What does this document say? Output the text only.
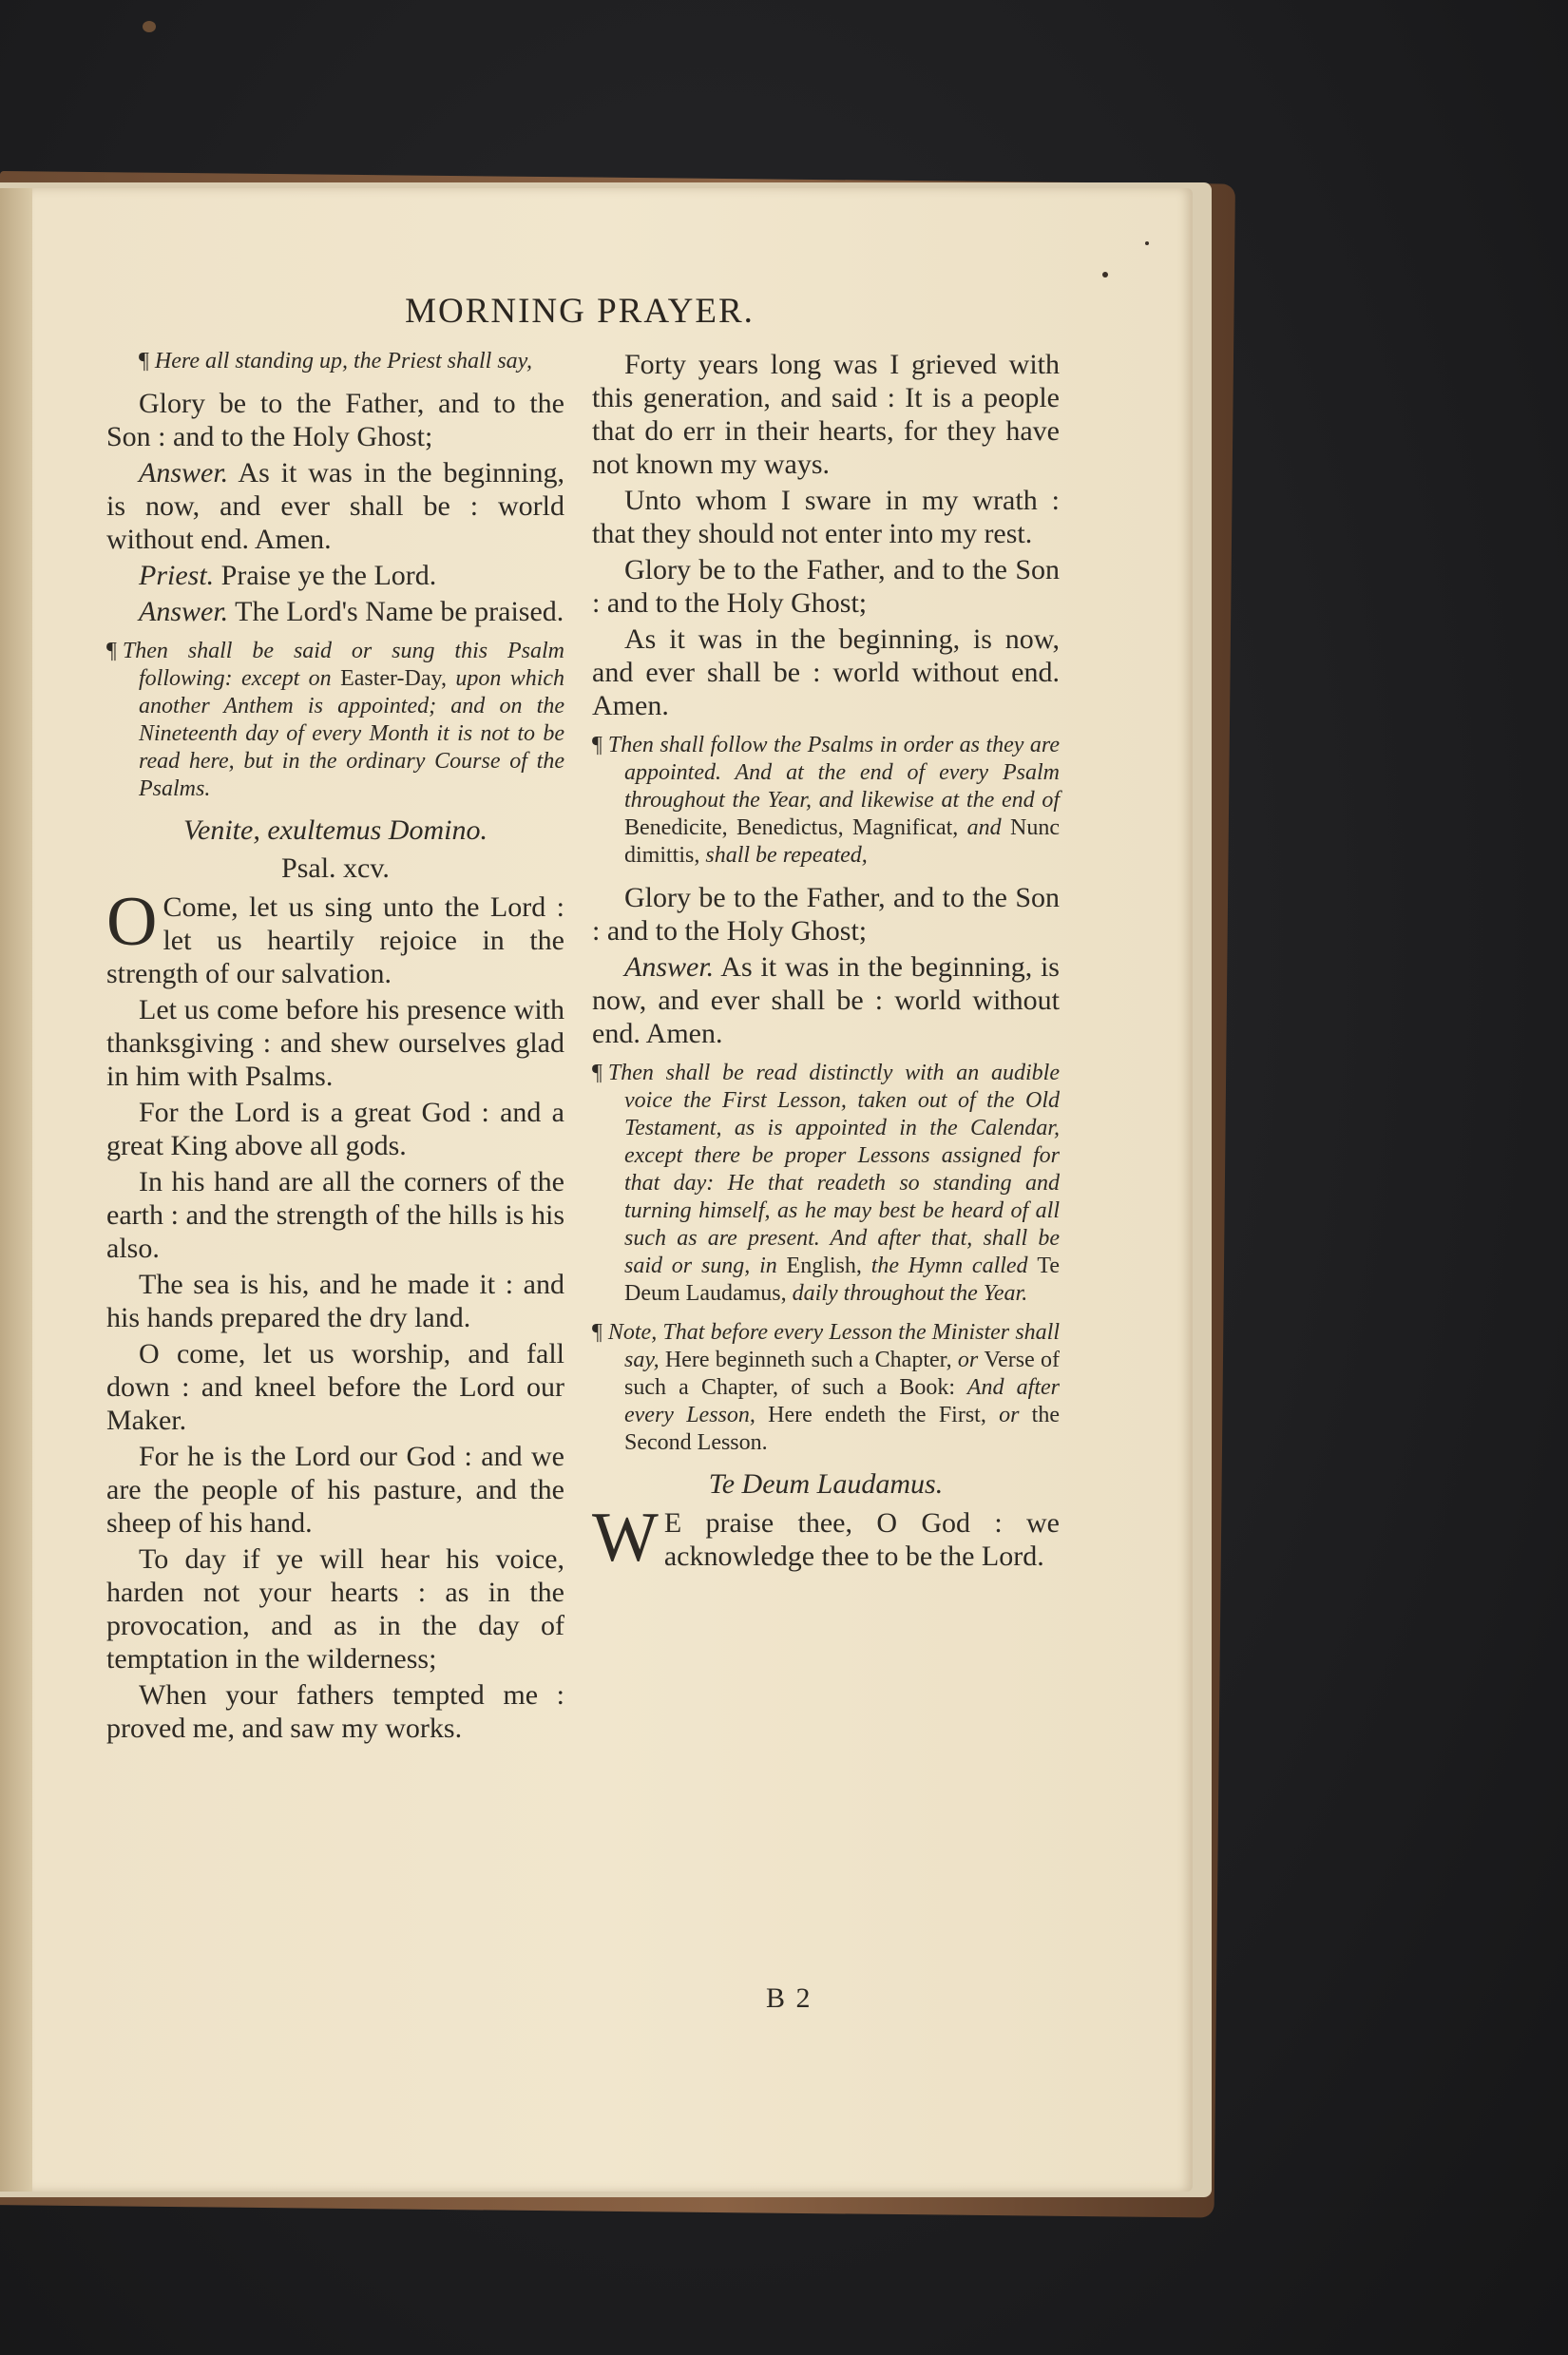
MORNING PRAYER.
¶ Here all standing up, the Priest shall say,

Glory be to the Father, and to the Son : and to the Holy Ghost;

Answer. As it was in the beginning, is now, and ever shall be : world without end. Amen.

Priest. Praise ye the Lord.

Answer. The Lord's Name be praised.

¶ Then shall be said or sung this Psalm following: except on Easter-Day, upon which another Anthem is appointed; and on the Nineteenth day of every Month it is not to be read here, but in the ordinary Course of the Psalms.
Venite, exultemus Domino.
Psal. xcv.
O Come, let us sing unto the Lord : let us heartily rejoice in the strength of our salvation.

Let us come before his presence with thanksgiving : and shew ourselves glad in him with Psalms.

For the Lord is a great God : and a great King above all gods.

In his hand are all the corners of the earth : and the strength of the hills is his also.

The sea is his, and he made it : and his hands prepared the dry land.

O come, let us worship, and fall down : and kneel before the Lord our Maker.

For he is the Lord our God : and we are the people of his pasture, and the sheep of his hand.

To day if ye will hear his voice, harden not your hearts : as in the provocation, and as in the day of temptation in the wilderness;

When your fathers tempted me : proved me, and saw my works.

Forty years long was I grieved with this generation, and said : It is a people that do err in their hearts, for they have not known my ways.

Unto whom I sware in my wrath : that they should not enter into my rest.

Glory be to the Father, and to the Son : and to the Holy Ghost;

As it was in the beginning, is now, and ever shall be : world without end. Amen.

¶ Then shall follow the Psalms in order as they are appointed. And at the end of every Psalm throughout the Year, and likewise at the end of Benedicite, Benedictus, Magnificat, and Nunc dimittis, shall be repeated,

Glory be to the Father, and to the Son : and to the Holy Ghost;

Answer. As it was in the beginning, is now, and ever shall be : world without end. Amen.

¶ Then shall be read distinctly with an audible voice the First Lesson, taken out of the Old Testament, as is appointed in the Calendar, except there be proper Lessons assigned for that day: He that readeth so standing and turning himself, as he may best be heard of all such as are present. And after that, shall be said or sung, in English, the Hymn called Te Deum Laudamus, daily throughout the Year.
¶ Note, That before every Lesson the Minister shall say, Here beginneth such a Chapter, or Verse of such a Chapter, of such a Book: And after every Lesson, Here endeth the First, or the Second Lesson.
Te Deum Laudamus.
W E praise thee, O God : we acknowledge thee to be the Lord.
B 2
